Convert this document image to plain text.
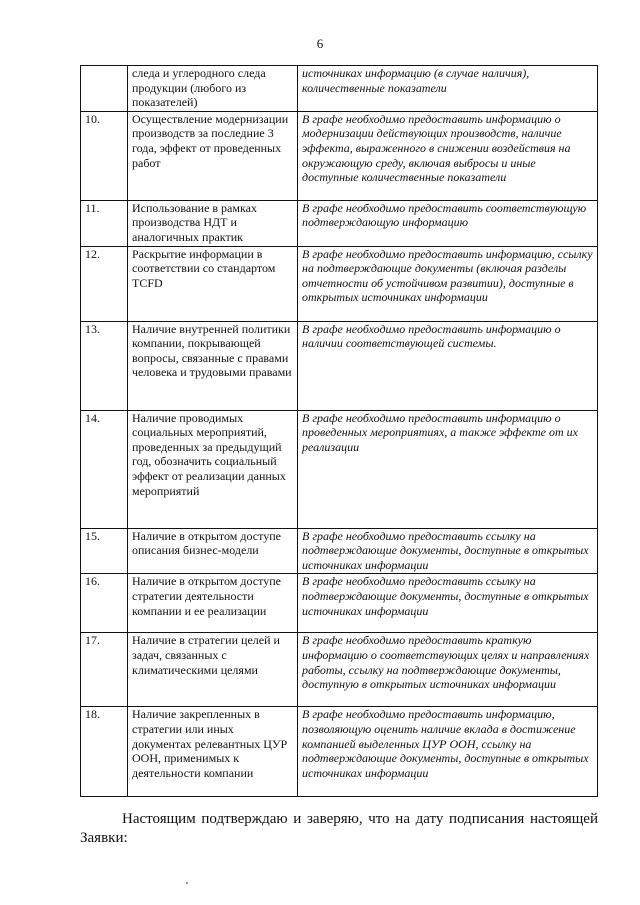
6
	следа и углеродного следа продукции (любого из показателей)	источниках информацию (в случае наличия), количественные показатели
10.	Осуществление модернизации производств за последние 3 года, эффект от проведенных работ	В графе необходимо предоставить информацию о модернизации действующих производств, наличие эффекта, выраженного в снижении воздействия на окружающую среду, включая выбросы и иные доступные количественные показатели
11.	Использование в рамках производства НДТ и аналогичных практик	В графе необходимо предоставить соответствующую подтверждающую информацию
12.	Раскрытие информации в соответствии со стандартом TCFD	В графе необходимо предоставить информацию, ссылку на подтверждающие документы (включая разделы отчетности об устойчивом развитии), доступные в открытых источниках информации
13.	Наличие внутренней политики компании, покрывающей вопросы, связанные с правами человека и трудовыми правами	В графе необходимо предоставить информацию о наличии соответствующей системы.
14.	Наличие проводимых социальных мероприятий, проведенных за предыдущий год, обозначить социальный эффект от реализации данных мероприятий	В графе необходимо предоставить информацию о проведенных мероприятиях, а также эффекте от их реализации
15.	Наличие в открытом доступе описания бизнес-модели	В графе необходимо предоставить ссылку на подтверждающие документы, доступные в открытых источниках информации
16.	Наличие в открытом доступе стратегии деятельности компании и ее реализации	В графе необходимо предоставить ссылку на подтверждающие документы, доступные в открытых источниках информации
17.	Наличие в стратегии целей и задач, связанных с климатическими целями	В графе необходимо предоставить краткую информацию о соответствующих целях и направлениях работы, ссылку на подтверждающие документы, доступную в открытых источниках информации
18.	Наличие закрепленных в стратегии или иных документах релевантных ЦУР ООН, применимых к деятельности компании	В графе необходимо предоставить информацию, позволяющую оценить наличие вклада в достижение компанией выделенных ЦУР ООН, ссылку на подтверждающие документы, доступные в открытых источниках информации
Настоящим подтверждаю и заверяю, что на дату подписания настоящей Заявки:
